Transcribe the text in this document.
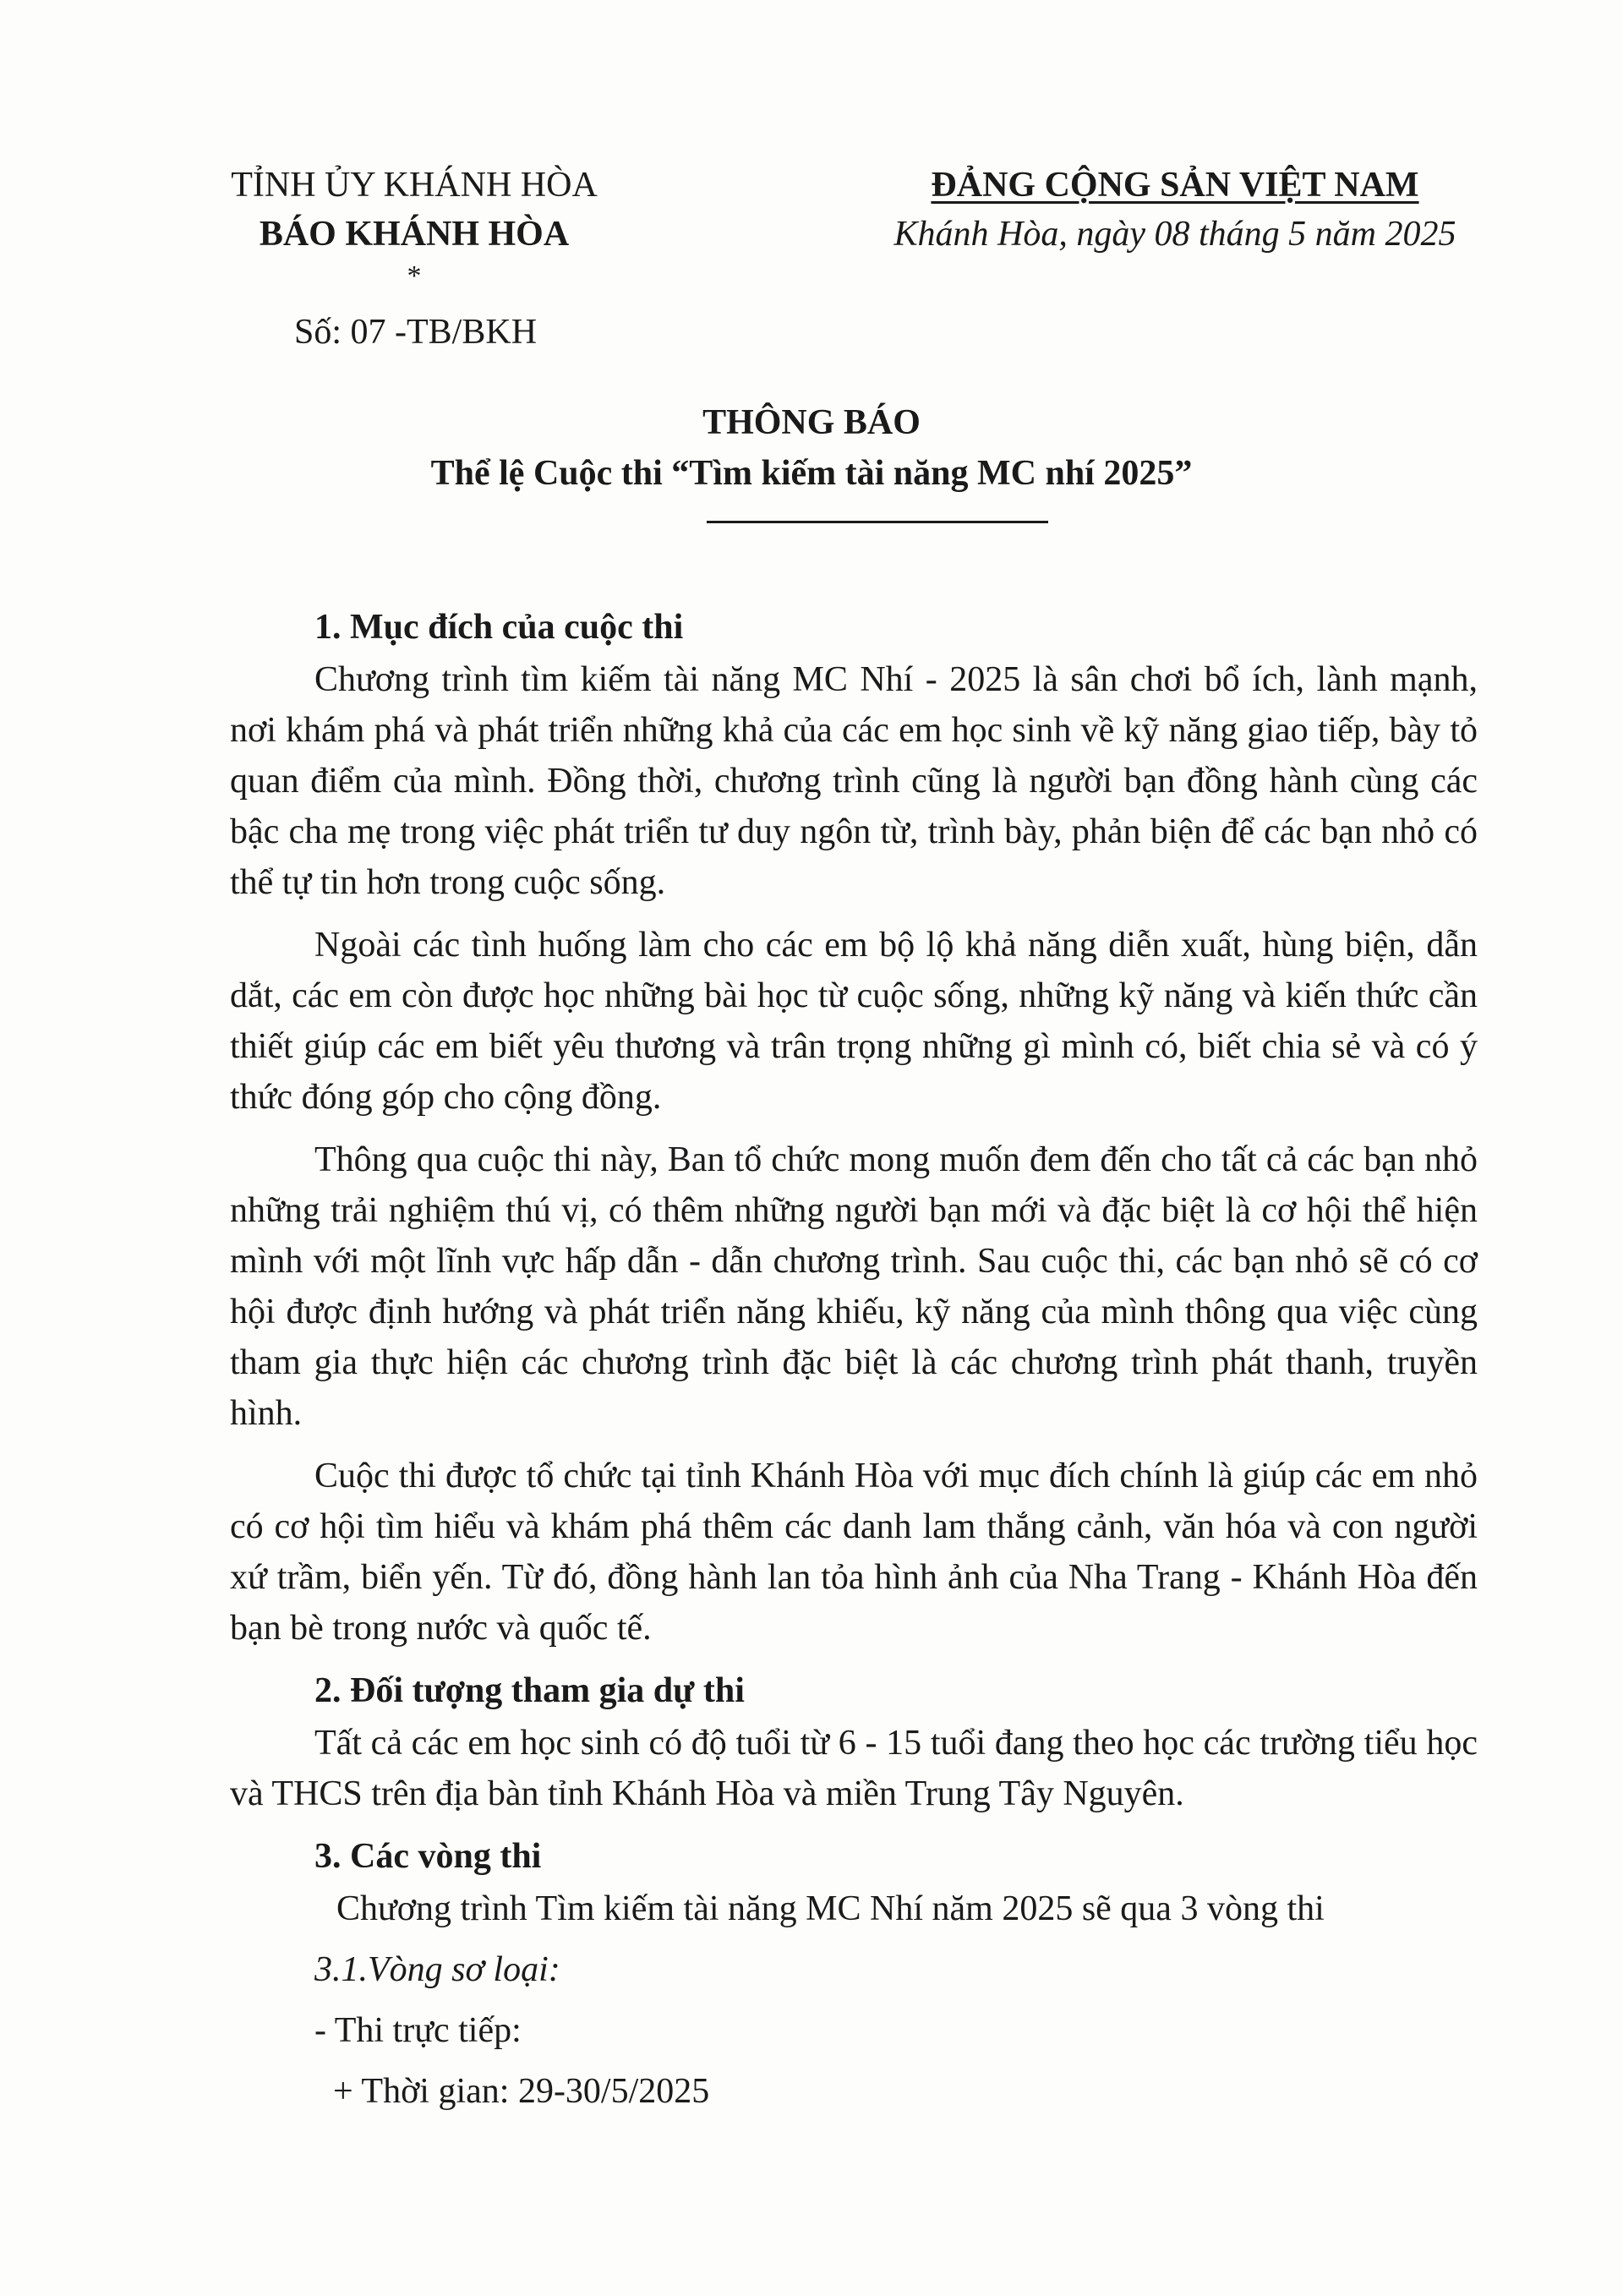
TỈNH ỦY KHÁNH HÒA
BÁO KHÁNH HÒA
*
Số: 07 -TB/BKH
ĐẢNG CỘNG SẢN VIỆT NAM
Khánh Hòa, ngày 08 tháng 5 năm 2025
THÔNG BÁO
Thể lệ Cuộc thi “Tìm kiếm tài năng MC nhí 2025”
1. Mục đích của cuộc thi
Chương trình tìm kiếm tài năng MC Nhí - 2025 là sân chơi bổ ích, lành mạnh, nơi khám phá và phát triển những khả của các em học sinh về kỹ năng giao tiếp, bày tỏ quan điểm của mình. Đồng thời, chương trình cũng là người bạn đồng hành cùng các bậc cha mẹ trong việc phát triển tư duy ngôn từ, trình bày, phản biện để các bạn nhỏ có thể tự tin hơn trong cuộc sống.
Ngoài các tình huống làm cho các em bộ lộ khả năng diễn xuất, hùng biện, dẫn dắt, các em còn được học những bài học từ cuộc sống, những kỹ năng và kiến thức cần thiết giúp các em biết yêu thương và trân trọng những gì mình có, biết chia sẻ và có ý thức đóng góp cho cộng đồng.
Thông qua cuộc thi này, Ban tổ chức mong muốn đem đến cho tất cả các bạn nhỏ những trải nghiệm thú vị, có thêm những người bạn mới và đặc biệt là cơ hội thể hiện mình với một lĩnh vực hấp dẫn - dẫn chương trình. Sau cuộc thi, các bạn nhỏ sẽ có cơ hội được định hướng và phát triển năng khiếu, kỹ năng của mình thông qua việc cùng tham gia thực hiện các chương trình đặc biệt là các chương trình phát thanh, truyền hình.
Cuộc thi được tổ chức tại tỉnh Khánh Hòa với mục đích chính là giúp các em nhỏ có cơ hội tìm hiểu và khám phá thêm các danh lam thắng cảnh, văn hóa và con người xứ trầm, biển yến. Từ đó, đồng hành lan tỏa hình ảnh của Nha Trang - Khánh Hòa đến bạn bè trong nước và quốc tế.
2. Đối tượng tham gia dự thi
Tất cả các em học sinh có độ tuổi từ 6 - 15 tuổi đang theo học các trường tiểu học và THCS trên địa bàn tỉnh Khánh Hòa và miền Trung Tây Nguyên.
3. Các vòng thi
Chương trình Tìm kiếm tài năng MC Nhí năm 2025 sẽ qua 3 vòng thi
3.1.Vòng sơ loại:
- Thi trực tiếp:
+ Thời gian: 29-30/5/2025
